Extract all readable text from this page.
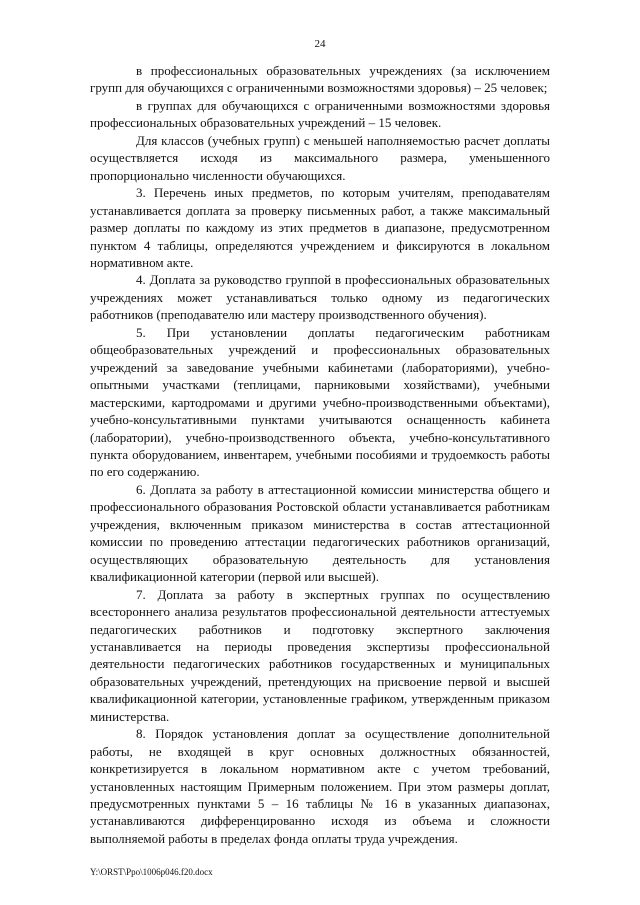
24

в профессиональных образовательных учреждениях (за исключением групп для обучающихся с ограниченными возможностями здоровья) – 25 человек;

в группах для обучающихся с ограниченными возможностями здоровья профессиональных образовательных учреждений – 15 человек.

Для классов (учебных групп) с меньшей наполняемостью расчет доплаты осуществляется исходя из максимального размера, уменьшенного пропорционально численности обучающихся.

3. Перечень иных предметов, по которым учителям, преподавателям устанавливается доплата за проверку письменных работ, а также максимальный размер доплаты по каждому из этих предметов в диапазоне, предусмотренном пунктом 4 таблицы, определяются учреждением и фиксируются в локальном нормативном акте.

4. Доплата за руководство группой в профессиональных образовательных учреждениях может устанавливаться только одному из педагогических работников (преподавателю или мастеру производственного обучения).

5. При установлении доплаты педагогическим работникам общеобразовательных учреждений и профессиональных образовательных учреждений за заведование учебными кабинетами (лабораториями), учебно-опытными участками (теплицами, парниковыми хозяйствами), учебными мастерскими, картодромами и другими учебно-производственными объектами), учебно-консультативными пунктами учитываются оснащенность кабинета (лаборатории), учебно-производственного объекта, учебно-консультативного пункта оборудованием, инвентарем, учебными пособиями и трудоемкость работы по его содержанию.

6. Доплата за работу в аттестационной комиссии министерства общего и профессионального образования Ростовской области устанавливается работникам учреждения, включенным приказом министерства в состав аттестационной комиссии по проведению аттестации педагогических работников организаций, осуществляющих образовательную деятельность для установления квалификационной категории (первой или высшей).

7. Доплата за работу в экспертных группах по осуществлению всестороннего анализа результатов профессиональной деятельности аттестуемых педагогических работников и подготовку экспертного заключения устанавливается на периоды проведения экспертизы профессиональной деятельности педагогических работников государственных и муниципальных образовательных учреждений, претендующих на присвоение первой и высшей квалификационной категории, установленные графиком, утвержденным приказом министерства.

8. Порядок установления доплат за осуществление дополнительной работы, не входящей в круг основных должностных обязанностей, конкретизируется в локальном нормативном акте с учетом требований, установленных настоящим Примерным положением. При этом размеры доплат, предусмотренных пунктами 5 – 16 таблицы № 16 в указанных диапазонах, устанавливаются дифференцированно исходя из объема и сложности выполняемой работы в пределах фонда оплаты труда учреждения.

Y:\ORST\Ppo\1006p046.f20.docx
